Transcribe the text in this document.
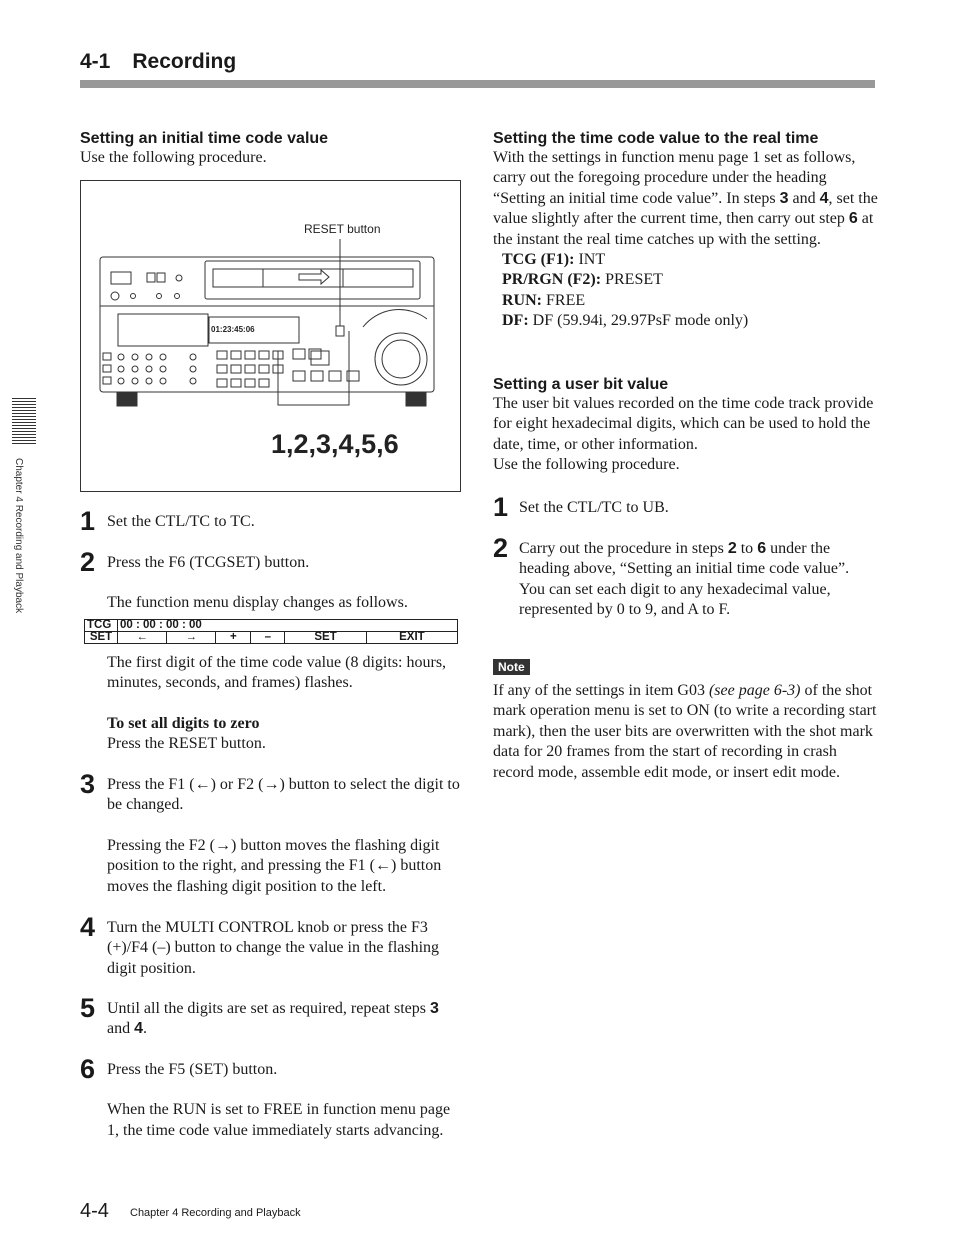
4-1 Recording
Chapter 4 Recording and Playback
Setting an initial time code value
Use the following procedure.
01:23:45:06
RESET button
1,2,3,4,5,6
1 Set the CTL/TC to TC.

2 Press the F6 (TCGSET) button.

The function menu display changes as follows.

TCG	00 : 00 : 00 : 00					
SET	←	→	+	–	SET	EXIT
The first digit of the time code value (8 digits: hours, minutes, seconds, and frames) flashes.
To set all digits to zero
Press the RESET button.
3 Press the F1 (←) or F2 (→) button to select the digit to be changed.

Pressing the F2 (→) button moves the flashing digit position to the right, and pressing the F1 (←) button moves the flashing digit position to the left.

4 Turn the MULTI CONTROL knob or press the F3 (+)/F4 (–) button to change the value in the flashing digit position.

5 Until all the digits are set as required, repeat steps 3 and 4.

6 Press the F5 (SET) button.

When the RUN is set to FREE in function menu page 1, the time code value immediately starts advancing.

Setting the time code value to the real time
With the settings in function menu page 1 set as follows, carry out the foregoing procedure under the heading “Setting an initial time code value”. In steps 3 and 4, set the value slightly after the current time, then carry out step 6 at the instant the real time catches up with the setting.
TCG (F1): INT
PR/RGN (F2): PRESET
RUN: FREE
DF: DF (59.94i, 29.97PsF mode only)
Setting a user bit value
The user bit values recorded on the time code track provide for eight hexadecimal digits, which can be used to hold the date, time, or other information.
Use the following procedure.
1 Set the CTL/TC to UB.

2 Carry out the procedure in steps 2 to 6 under the heading above, “Setting an initial time code value”.

You can set each digit to any hexadecimal value, represented by 0 to 9, and A to F.

Note
If any of the settings in item G03 (see page 6-3) of the shot mark operation menu is set to ON (to write a recording start mark), then the user bits are overwritten with the shot mark data for 20 frames from the start of recording in crash record mode, assemble edit mode, or insert edit mode.
4-4 Chapter 4 Recording and Playback
